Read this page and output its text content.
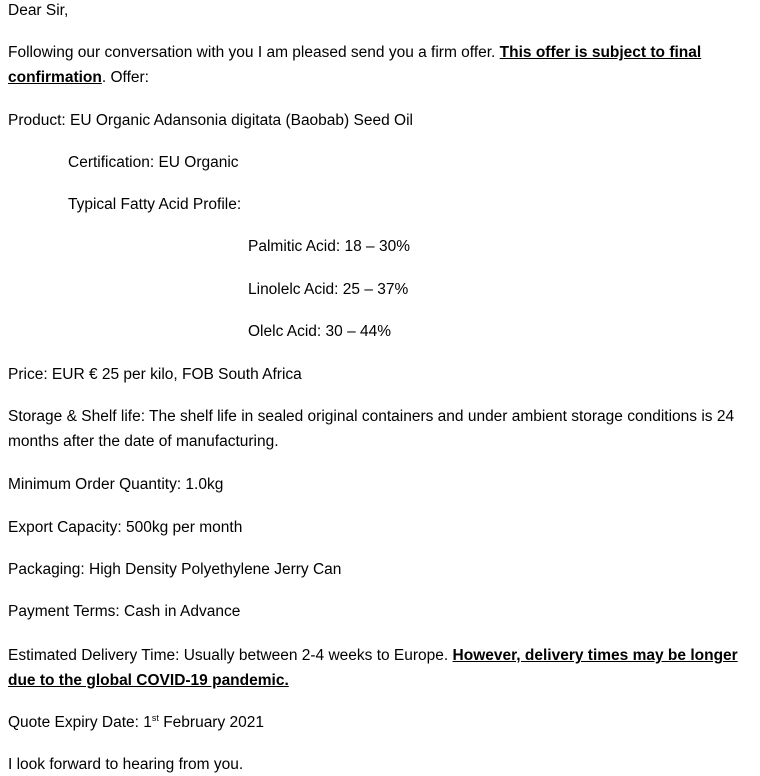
Dear Sir,
Following our conversation with you I am pleased send you a firm offer. This offer is subject to final confirmation. Offer:
Product: EU Organic Adansonia digitata (Baobab) Seed Oil
Certification: EU Organic
Typical Fatty Acid Profile:
Palmitic Acid: 18 – 30%
Linolelc Acid: 25 – 37%
Olelc Acid: 30 – 44%
Price: EUR € 25 per kilo, FOB South Africa
Storage & Shelf life: The shelf life in sealed original containers and under ambient storage conditions is 24 months after the date of manufacturing.
Minimum Order Quantity: 1.0kg
Export Capacity: 500kg per month
Packaging: High Density Polyethylene Jerry Can
Payment Terms: Cash in Advance
Estimated Delivery Time: Usually between 2-4 weeks to Europe. However, delivery times may be longer due to the global COVID-19 pandemic.
Quote Expiry Date: 1st February 2021
I look forward to hearing from you.
